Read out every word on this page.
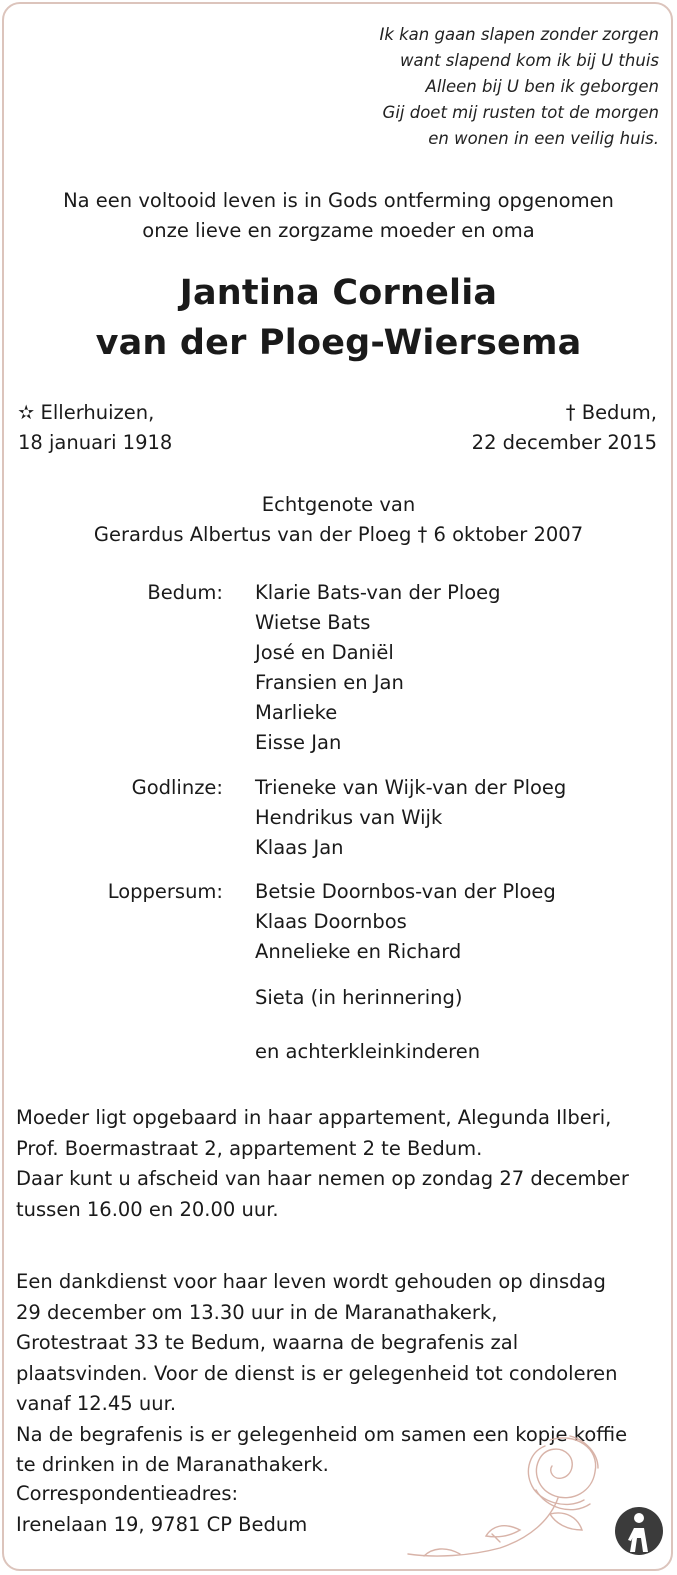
Ik kan gaan slapen zonder zorgen
want slapend kom ik bij U thuis
Alleen bij U ben ik geborgen
Gij doet mij rusten tot de morgen
en wonen in een veilig huis.
Na een voltooid leven is in Gods ontferming opgenomen
onze lieve en zorgzame moeder en oma
Jantina Cornelia
van der Ploeg-Wiersema
✫ Ellerhuizen,
18 januari 1918
† Bedum,
22 december 2015
Echtgenote van
Gerardus Albertus van der Ploeg † 6 oktober 2007
Bedum: Klarie Bats-van der Ploeg
Wietse Bats
José en Daniël
Fransien en Jan
Marlieke
Eisse Jan
Godlinze: Trieneke van Wijk-van der Ploeg
Hendrikus van Wijk
Klaas Jan
Loppersum: Betsie Doornbos-van der Ploeg
Klaas Doornbos
Annelieke en Richard
Sieta (in herinnering)
en achterkleinkinderen
Moeder ligt opgebaard in haar appartement, Alegunda Ilberi,
Prof. Boermastraat 2, appartement 2 te Bedum.
Daar kunt u afscheid van haar nemen op zondag 27 december
tussen 16.00 en 20.00 uur.
Een dankdienst voor haar leven wordt gehouden op dinsdag
29 december om 13.30 uur in de Maranathakerk,
Grotestraat 33 te Bedum, waarna de begrafenis zal
plaatsvinden. Voor de dienst is er gelegenheid tot condoleren
vanaf 12.45 uur.
Na de begrafenis is er gelegenheid om samen een kopje koffie
te drinken in de Maranathakerk.
Correspondentieadres:
Irenelaan 19, 9781 CP Bedum
